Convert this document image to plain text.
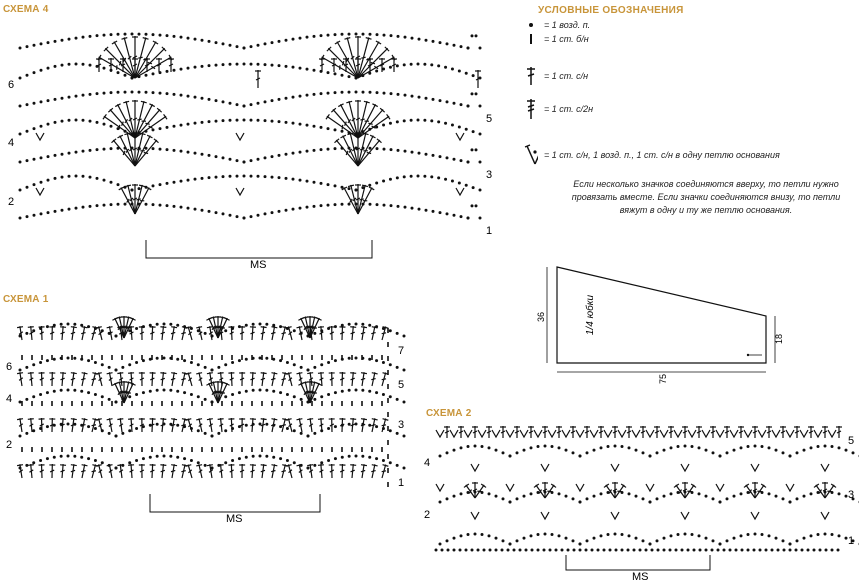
СХЕМА 4
СХЕМА 1
СХЕМА 2
6
4
2
5
3
1
MS
6
4
2
7
5
3
1
MS
4
2
5
3
1
MS
УСЛОВНЫЕ ОБОЗНАЧЕНИЯ
= 1 возд. п.
= 1 ст. б/н
= 1 ст. с/н
= 1 ст. с/2н
= 1 ст. с/н, 1 возд. п., 1 ст. с/н в одну петлю основания
Если несколько значков соединяются вверху, то петли нужно провязать вместе. Если значки соединяются внизу, то петли вяжут в одну и ту же петлю основания.
36
18
75
1/4 юбки
